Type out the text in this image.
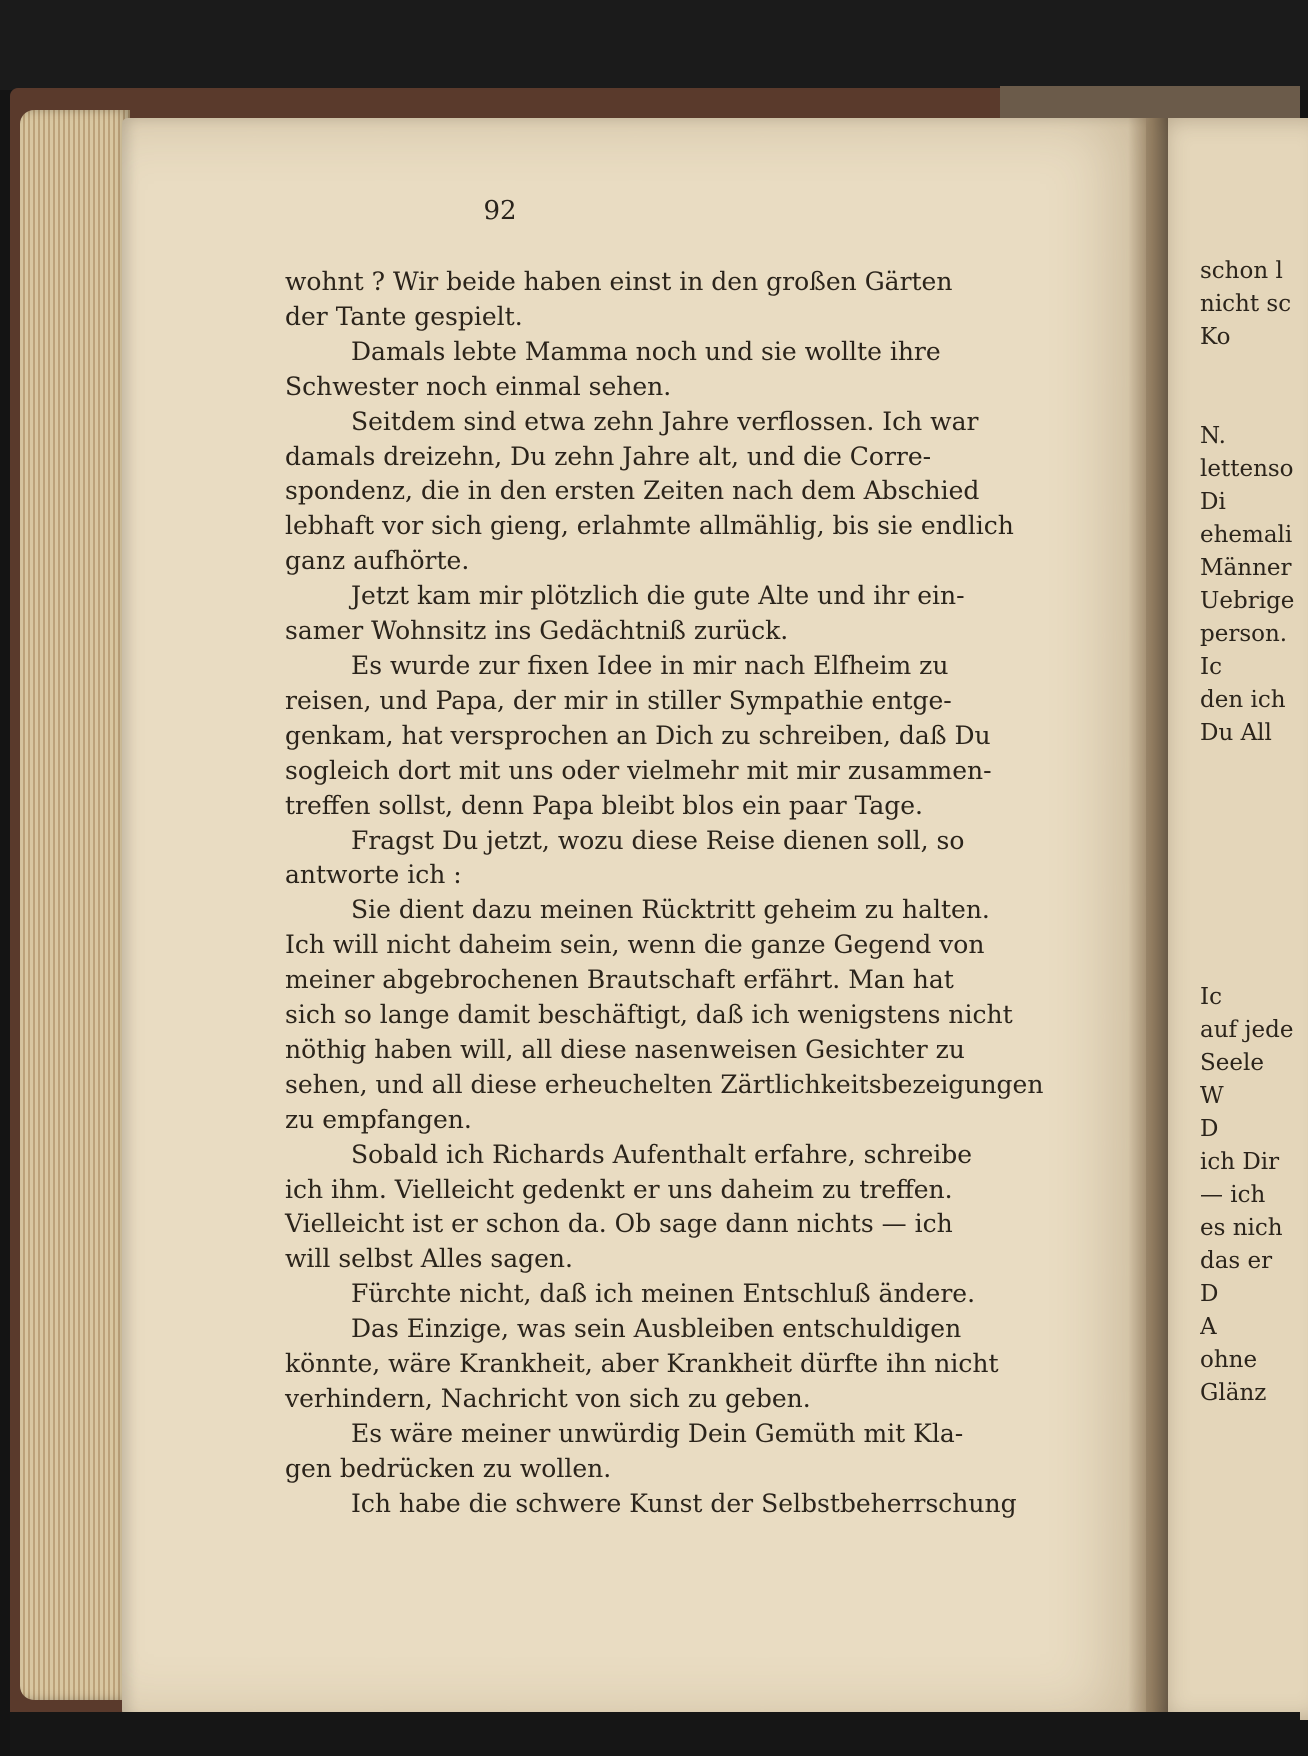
92
wohnt ? Wir beide haben einst in den großen Gärten
der Tante gespielt.
Damals lebte Mamma noch und sie wollte ihre
Schwester noch einmal sehen.
Seitdem sind etwa zehn Jahre verflossen. Ich war
damals dreizehn, Du zehn Jahre alt, und die Corre-
spondenz, die in den ersten Zeiten nach dem Abschied
lebhaft vor sich gieng, erlahmte allmählig, bis sie endlich
ganz aufhörte.
Jetzt kam mir plötzlich die gute Alte und ihr ein-
samer Wohnsitz ins Gedächtniß zurück.
Es wurde zur fixen Idee in mir nach Elfheim zu
reisen, und Papa, der mir in stiller Sympathie entge-
genkam, hat versprochen an Dich zu schreiben, daß Du
sogleich dort mit uns oder vielmehr mit mir zusammen-
treffen sollst, denn Papa bleibt blos ein paar Tage.
Fragst Du jetzt, wozu diese Reise dienen soll, so
antworte ich :
Sie dient dazu meinen Rücktritt geheim zu halten.
Ich will nicht daheim sein, wenn die ganze Gegend von
meiner abgebrochenen Brautschaft erfährt. Man hat
sich so lange damit beschäftigt, daß ich wenigstens nicht
nöthig haben will, all diese nasenweisen Gesichter zu
sehen, und all diese erheuchelten Zärtlichkeitsbezeigungen
zu empfangen.
Sobald ich Richards Aufenthalt erfahre, schreibe
ich ihm. Vielleicht gedenkt er uns daheim zu treffen.
Vielleicht ist er schon da. Ob sage dann nichts — ich
will selbst Alles sagen.
Fürchte nicht, daß ich meinen Entschluß ändere.
Das Einzige, was sein Ausbleiben entschuldigen
könnte, wäre Krankheit, aber Krankheit dürfte ihn nicht
verhindern, Nachricht von sich zu geben.
Es wäre meiner unwürdig Dein Gemüth mit Kla-
gen bedrücken zu wollen.
Ich habe die schwere Kunst der Selbstbeherrschung
schon l
nicht sc
Ko
N.
lettenso
Di
ehemali
Männer
Uebrige
person.
Ic
den ich
Du All
Ic
auf jede
Seele
W
D
ich Dir
— ich
es nich
das er
D
A
ohne
Glänz
